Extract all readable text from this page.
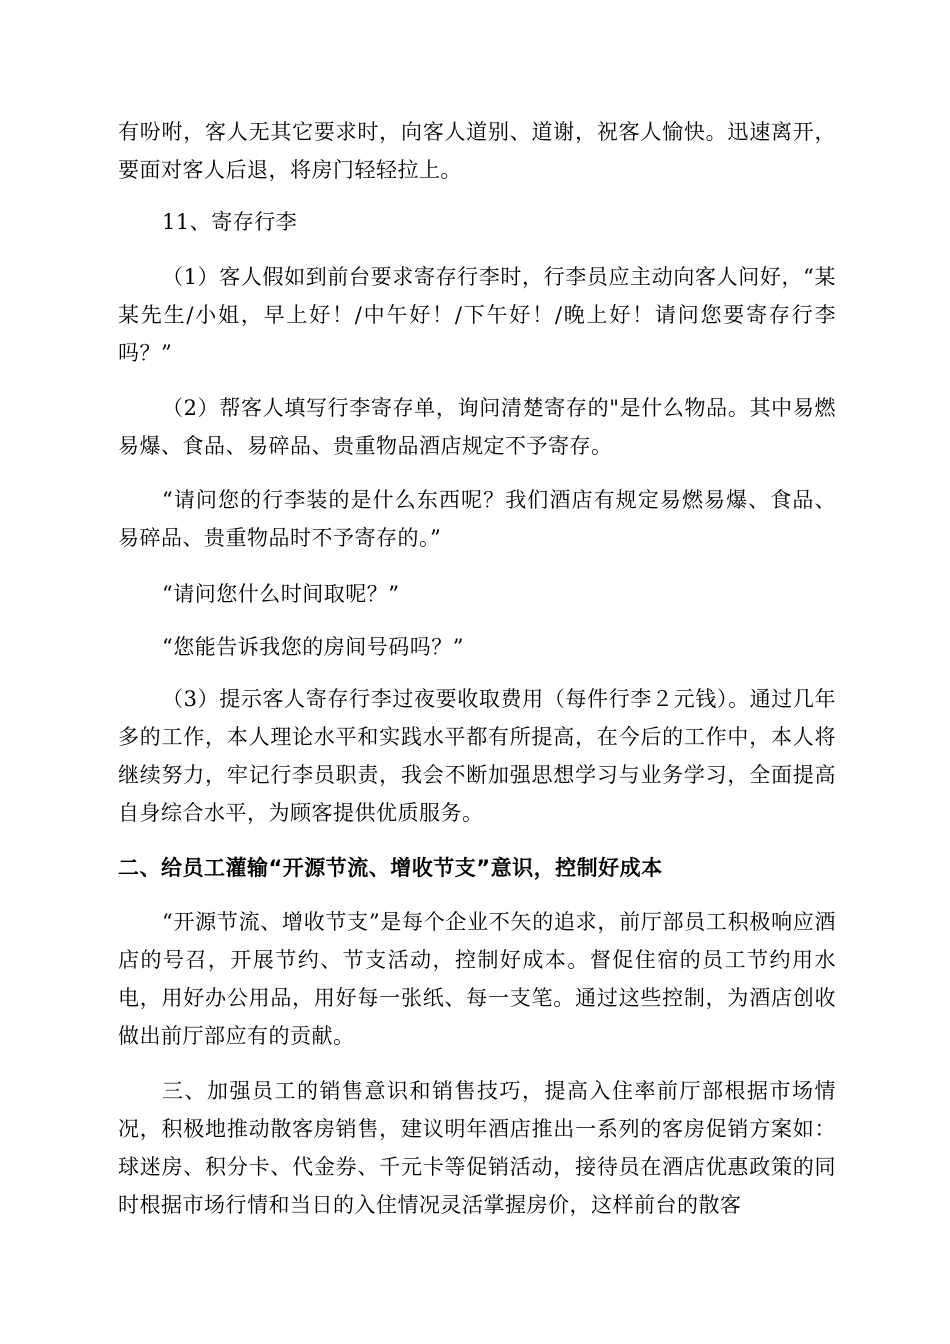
有吩咐，客人无其它要求时，向客人道别、道谢，祝客人愉快。迅速离开，要面对客人后退，将房门轻轻拉上。

11、寄存行李

（1）客人假如到前台要求寄存行李时，行李员应主动向客人问好，“某某先生/小姐，早上好！/中午好！/下午好！/晚上好！请问您要寄存行李吗？”

（2）帮客人填写行李寄存单，询问清楚寄存的"是什么物品。其中易燃易爆、食品、易碎品、贵重物品酒店规定不予寄存。

“请问您的行李装的是什么东西呢？我们酒店有规定易燃易爆、食品、易碎品、贵重物品时不予寄存的。”

“请问您什么时间取呢？”

“您能告诉我您的房间号码吗？”

（3）提示客人寄存行李过夜要收取费用（每件行李２元钱）。通过几年多的工作，本人理论水平和实践水平都有所提高，在今后的工作中，本人将继续努力，牢记行李员职责，我会不断加强思想学习与业务学习，全面提高自身综合水平，为顾客提供优质服务。

二、给员工灌输“开源节流、增收节支”意识，控制好成本

“开源节流、增收节支”是每个企业不矢的追求，前厅部员工积极响应酒店的号召，开展节约、节支活动，控制好成本。督促住宿的员工节约用水电，用好办公用品，用好每一张纸、每一支笔。通过这些控制，为酒店创收做出前厅部应有的贡献。

三、加强员工的销售意识和销售技巧，提高入住率前厅部根据市场情况，积极地推动散客房销售，建议明年酒店推出一系列的客房促销方案如：球迷房、积分卡、代金券、千元卡等促销活动，接待员在酒店优惠政策的同时根据市场行情和当日的入住情况灵活掌握房价，这样前台的散客
